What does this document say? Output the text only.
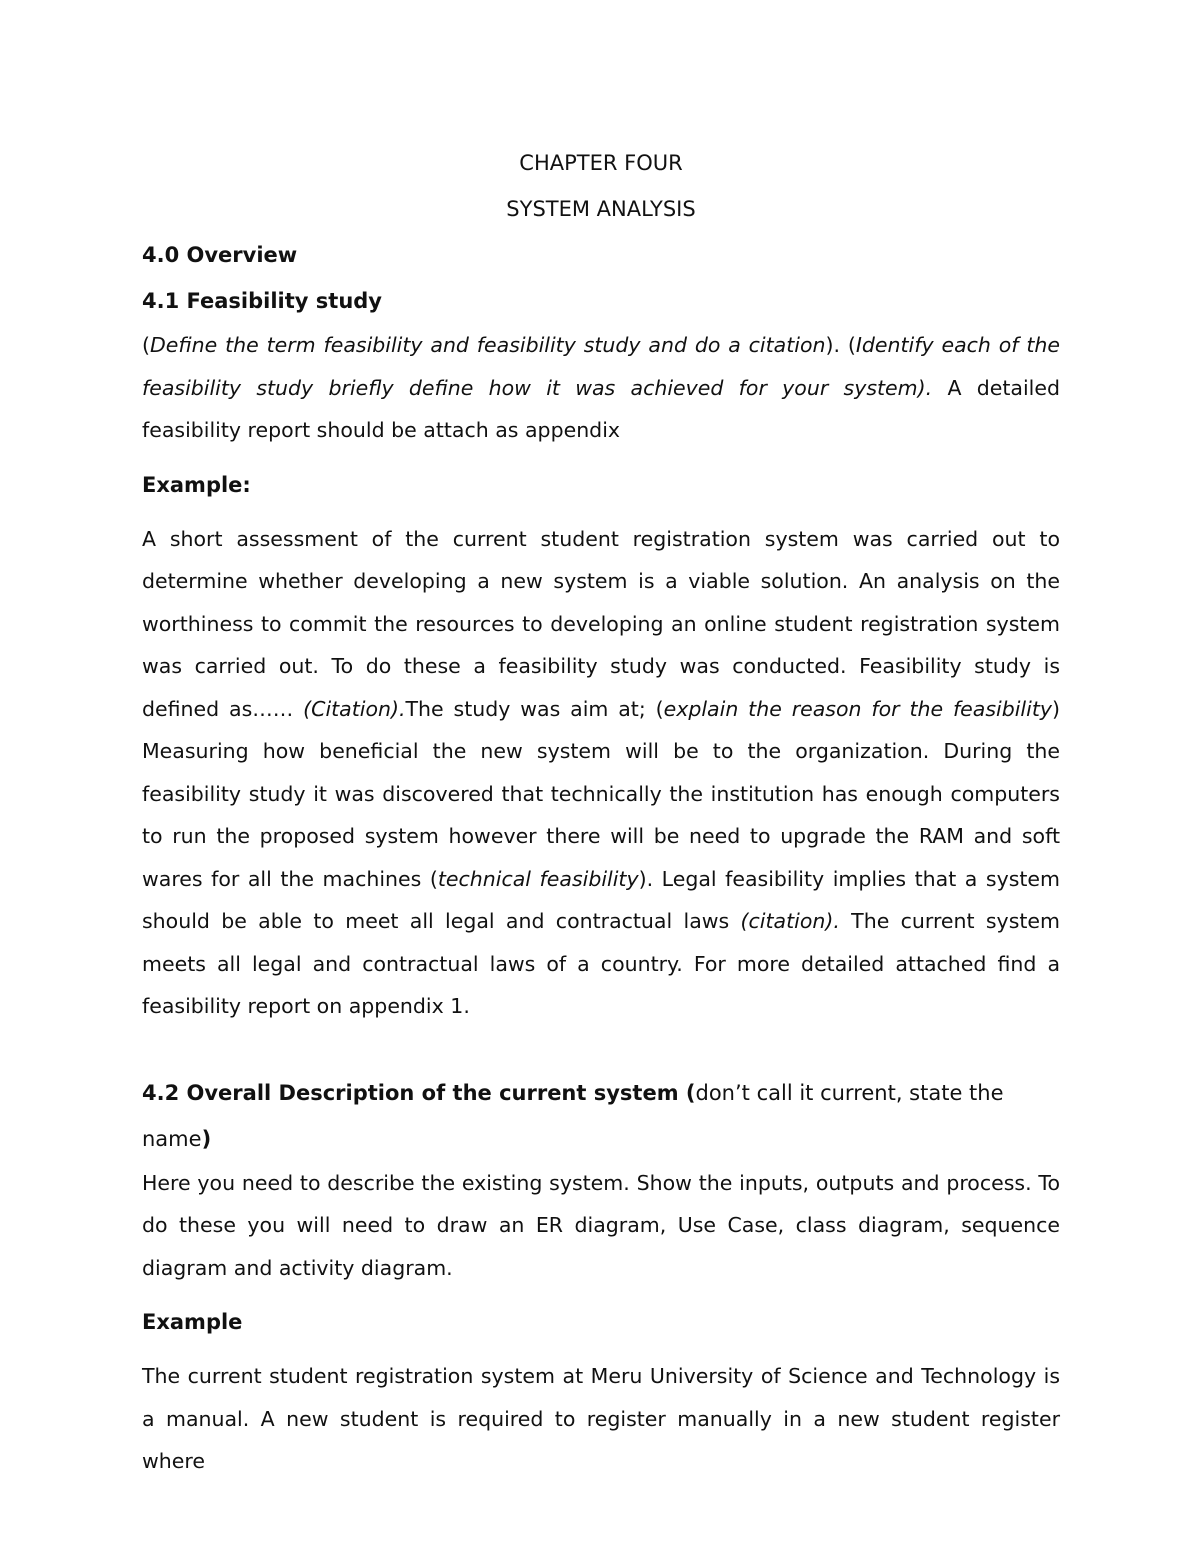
CHAPTER FOUR
SYSTEM ANALYSIS
4.0 Overview
4.1 Feasibility study

(Define the term feasibility and feasibility study and do a citation). (Identify each of the feasibility study briefly define how it was achieved for your system). A detailed feasibility report should be attach as appendix

Example:

A short assessment of the current student registration system was carried out to determine whether developing a new system is a viable solution. An analysis on the worthiness to commit the resources to developing an online student registration system was carried out. To do these a feasibility study was conducted. Feasibility study is defined as…… (Citation).The study was aim at; (explain the reason for the feasibility) Measuring how beneficial the new system will be to the organization. During the feasibility study it was discovered that technically the institution has enough computers to run the proposed system however there will be need to upgrade the RAM and soft wares for all the machines (technical feasibility). Legal feasibility implies that a system should be able to meet all legal and contractual laws (citation). The current system meets all legal and contractual laws of a country. For more detailed attached find a feasibility report on appendix 1.

4.2 Overall Description of the current system (don’t call it current, state the name)

Here you need to describe the existing system. Show the inputs, outputs and process. To do these you will need to draw an ER diagram, Use Case, class diagram, sequence diagram and activity diagram.

Example

The current student registration system at Meru University of Science and Technology is a manual. A new student is required to register manually in a new student register where
